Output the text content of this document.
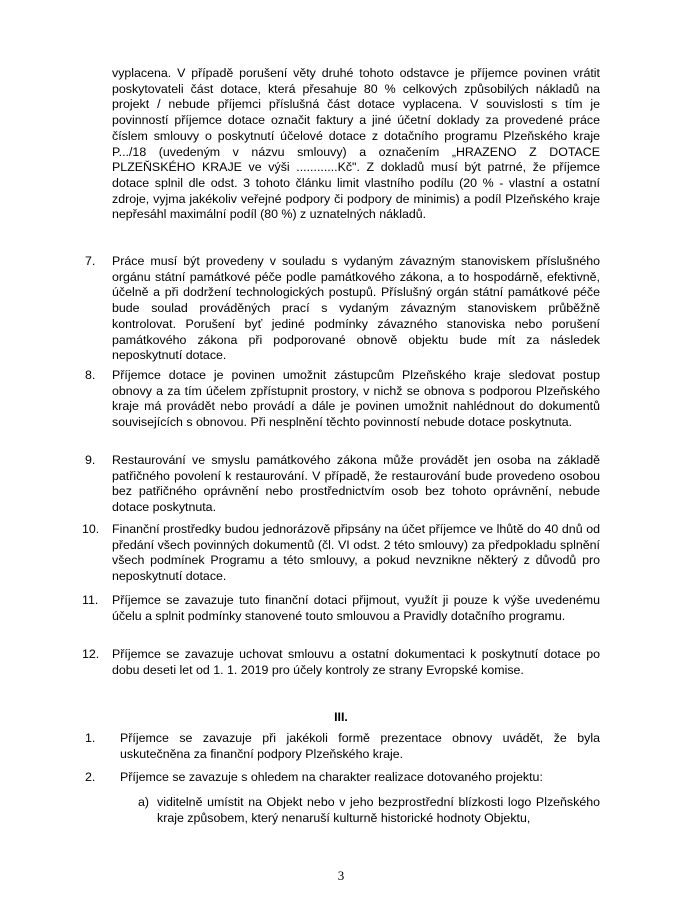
vyplacena. V případě porušení věty druhé tohoto odstavce je příjemce povinen vrátit poskytovateli část dotace, která přesahuje 80 % celkových způsobilých nákladů na projekt / nebude příjemci příslušná část dotace vyplacena. V souvislosti s tím je povinností příjemce dotace označit faktury a jiné účetní doklady za provedené práce číslem smlouvy o poskytnutí účelové dotace z dotačního programu Plzeňského kraje P.../18 (uvedeným v názvu smlouvy) a označením „HRAZENO Z DOTACE PLZEŇSKÉHO KRAJE ve výši ............Kč". Z dokladů musí být patrné, že příjemce dotace splnil dle odst. 3 tohoto článku limit vlastního podílu (20 % - vlastní a ostatní zdroje, vyjma jakékoliv veřejné podpory či podpory de minimis) a podíl Plzeňského kraje nepřesáhl maximální podíl (80 %) z uznatelných nákladů.

7. Práce musí být provedeny v souladu s vydaným závazným stanoviskem příslušného orgánu státní památkové péče podle památkového zákona, a to hospodárně, efektivně, účelně a při dodržení technologických postupů. Příslušný orgán státní památkové péče bude soulad prováděných prací s vydaným závazným stanoviskem průběžně kontrolovat. Porušení byť jediné podmínky závazného stanoviska nebo porušení památkového zákona při podporované obnově objektu bude mít za následek neposkytnutí dotace.

8. Příjemce dotace je povinen umožnit zástupcům Plzeňského kraje sledovat postup obnovy a za tím účelem zpřístupnit prostory, v nichž se obnova s podporou Plzeňského kraje má provádět nebo provádí a dále je povinen umožnit nahlédnout do dokumentů souvisejících s obnovou. Při nesplnění těchto povinností nebude dotace poskytnuta.

9. Restaurování ve smyslu památkového zákona může provádět jen osoba na základě patřičného povolení k restaurování. V případě, že restaurování bude provedeno osobou bez patřičného oprávnění nebo prostřednictvím osob bez tohoto oprávnění, nebude dotace poskytnuta.

10. Finanční prostředky budou jednorázově připsány na účet příjemce ve lhůtě do 40 dnů od předání všech povinných dokumentů (čl. VI odst. 2 této smlouvy) za předpokladu splnění všech podmínek Programu a této smlouvy, a pokud nevznikne některý z důvodů pro neposkytnutí dotace.

11. Příjemce se zavazuje tuto finanční dotaci přijmout, využít ji pouze k výše uvedenému účelu a splnit podmínky stanovené touto smlouvou a Pravidly dotačního programu.

12. Příjemce se zavazuje uchovat smlouvu a ostatní dokumentaci k poskytnutí dotace po dobu deseti let od 1. 1. 2019 pro účely kontroly ze strany Evropské komise.

III.
1. Příjemce se zavazuje při jakékoli formě prezentace obnovy uvádět, že byla uskutečněna za finanční podpory Plzeňského kraje.

2. Příjemce se zavazuje s ohledem na charakter realizace dotovaného projektu:

a) viditelně umístit na Objekt nebo v jeho bezprostřední blízkosti logo Plzeňského kraje způsobem, který nenaruší kulturně historické hodnoty Objektu,

3
